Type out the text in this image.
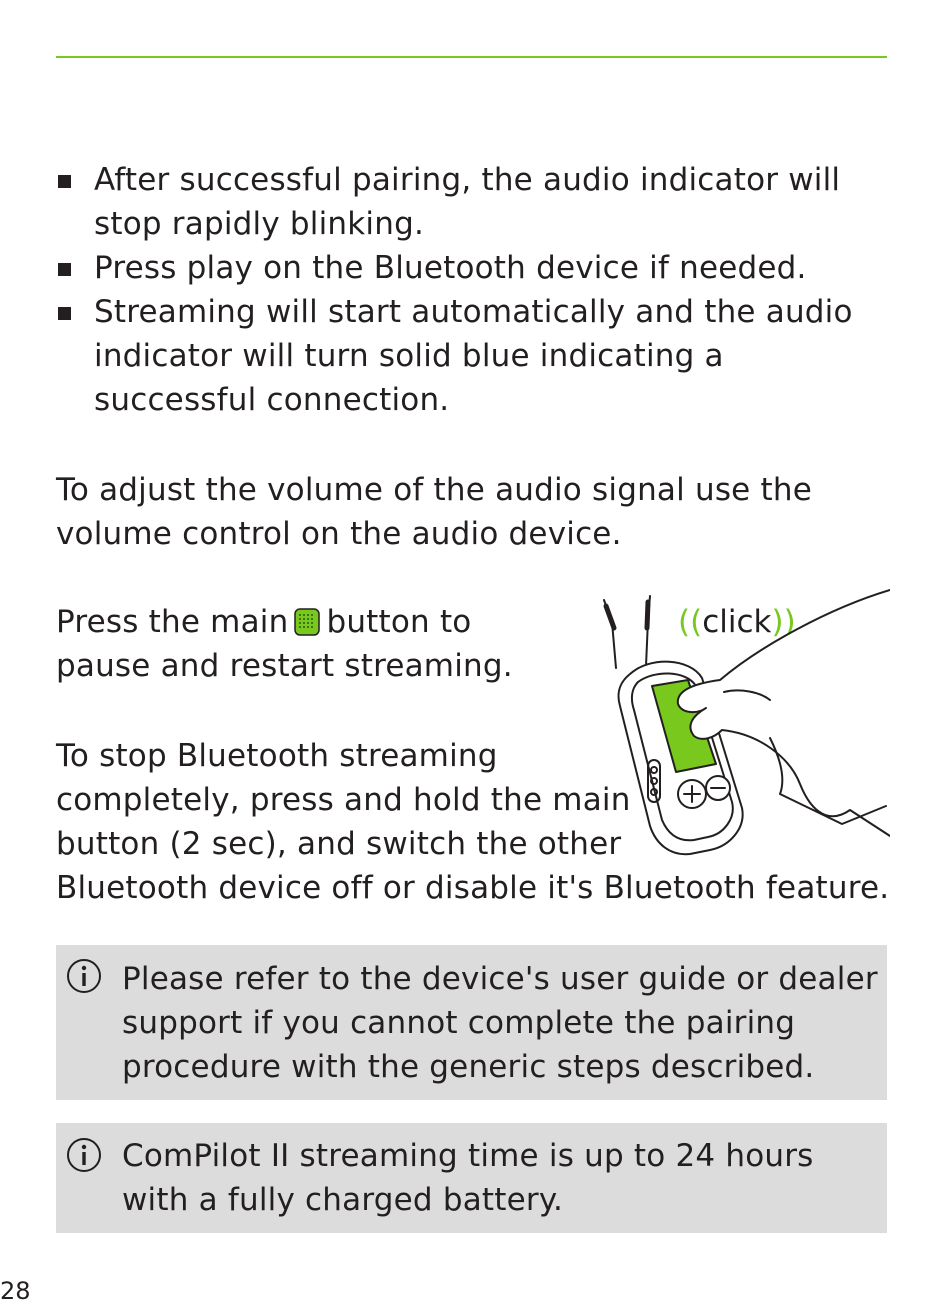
After successful pairing, the audio indicator will stop rapidly blinking.
Press play on the Bluetooth device if needed.
Streaming will start automatically and the audio indicator will turn solid blue indicating a successful connection.

To adjust the volume of the audio signal use the volume control on the audio device.

Press the main button to
pause and restart streaming.

To stop Bluetooth streaming
completely, press and hold the main
button (2 sec), and switch the other
Bluetooth device off or disable it's Bluetooth feature.

((click))

Please refer to the device's user guide or dealer support if you cannot complete the pairing procedure with the generic steps described.

ComPilot II streaming time is up to 24 hours with a fully charged battery.

28
